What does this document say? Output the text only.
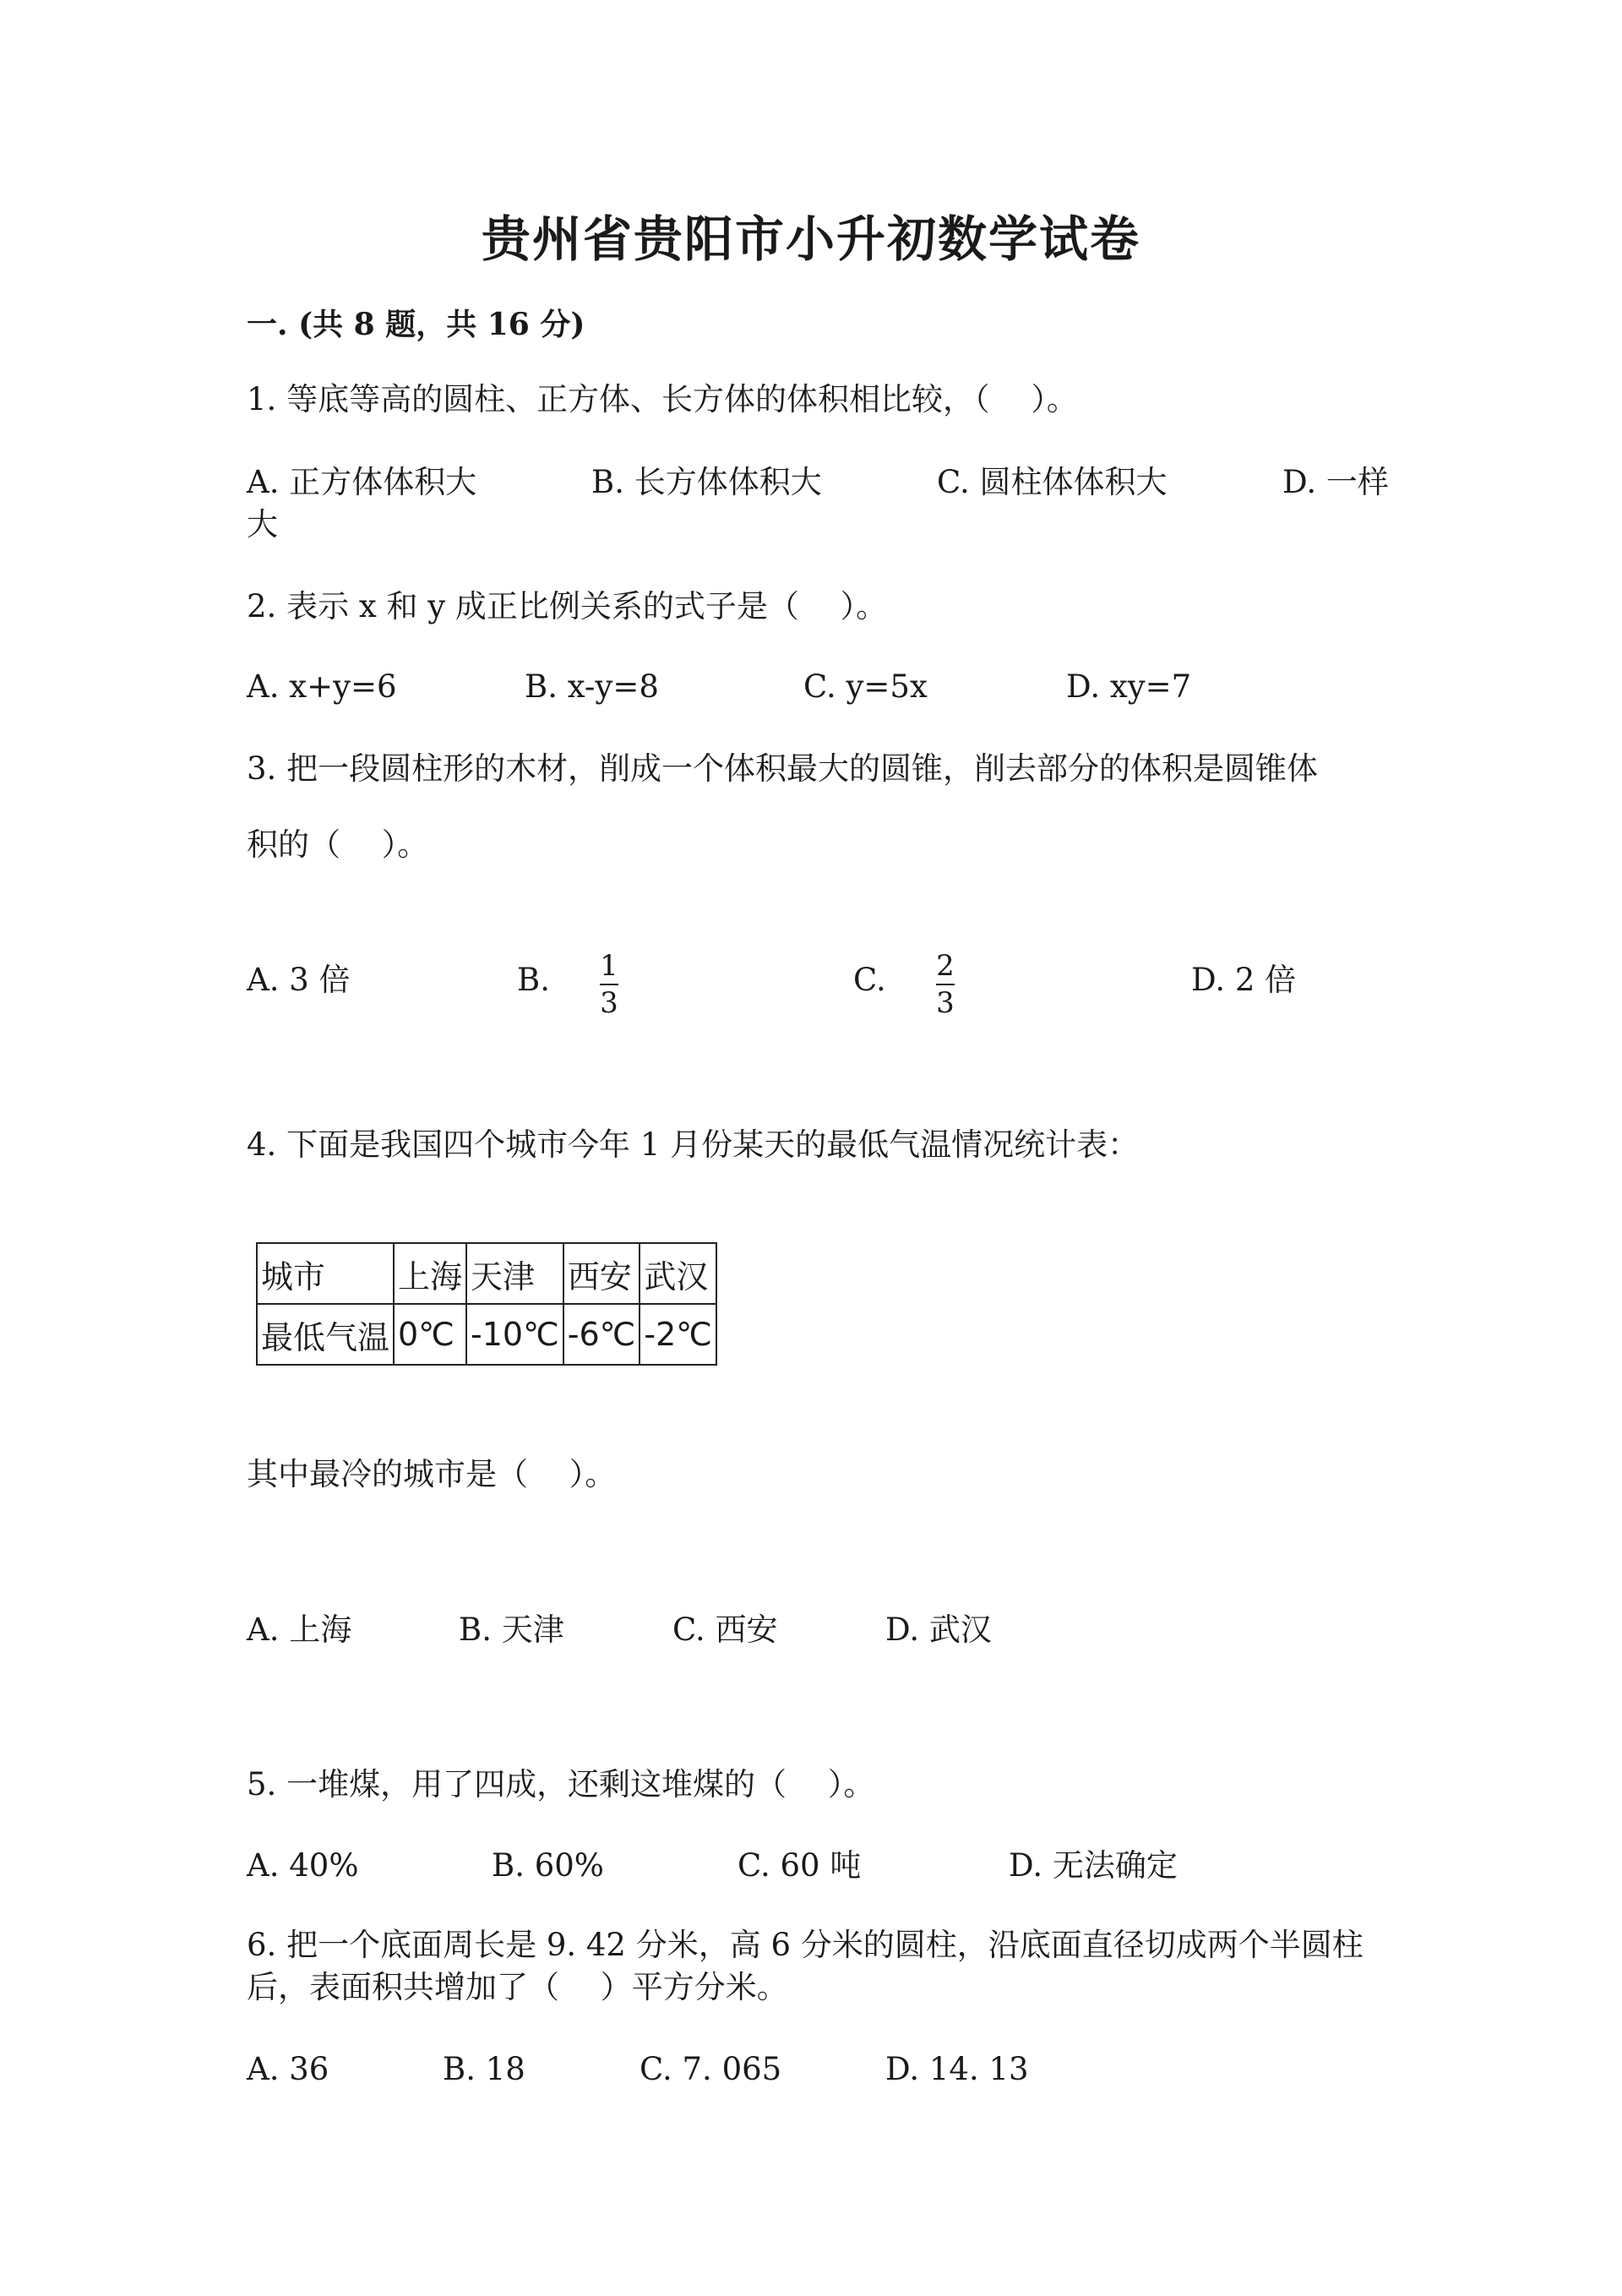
贵州省贵阳市小升初数学试卷
一. (共 8 题，共 16 分)
1. 等底等高的圆柱、正方体、长方体的体积相比较，（　 ）。
A. 正方体体积大	B. 长方体体积大	C. 圆柱体体积大	D. 一样
大
2. 表示 x 和 y 成正比例关系的式子是（　 ）。
A. x+y=6	B. x-y=8	C. y=5x	D. xy=7
3. 把一段圆柱形的木材，削成一个体积最大的圆锥，削去部分的体积是圆锥体
积的（　 ）。
A. 3 倍	B. 1
3
C. 2
3
D. 2 倍
4. 下面是我国四个城市今年 1 月份某天的最低气温情况统计表：
城市	上海	天津	西安	武汉
最低气温	0℃	-10℃	-6℃	-2℃
其中最冷的城市是（　 ）。
A. 上海	B. 天津	C. 西安	D. 武汉
5. 一堆煤，用了四成，还剩这堆煤的（　 ）。
A. 40%	B. 60%	C. 60 吨	D. 无法确定
6. 把一个底面周长是 9. 42 分米，高 6 分米的圆柱，沿底面直径切成两个半圆柱
后，表面积共增加了（　 ）平方分米。
A. 36	B. 18	C. 7. 065	D. 14. 13
